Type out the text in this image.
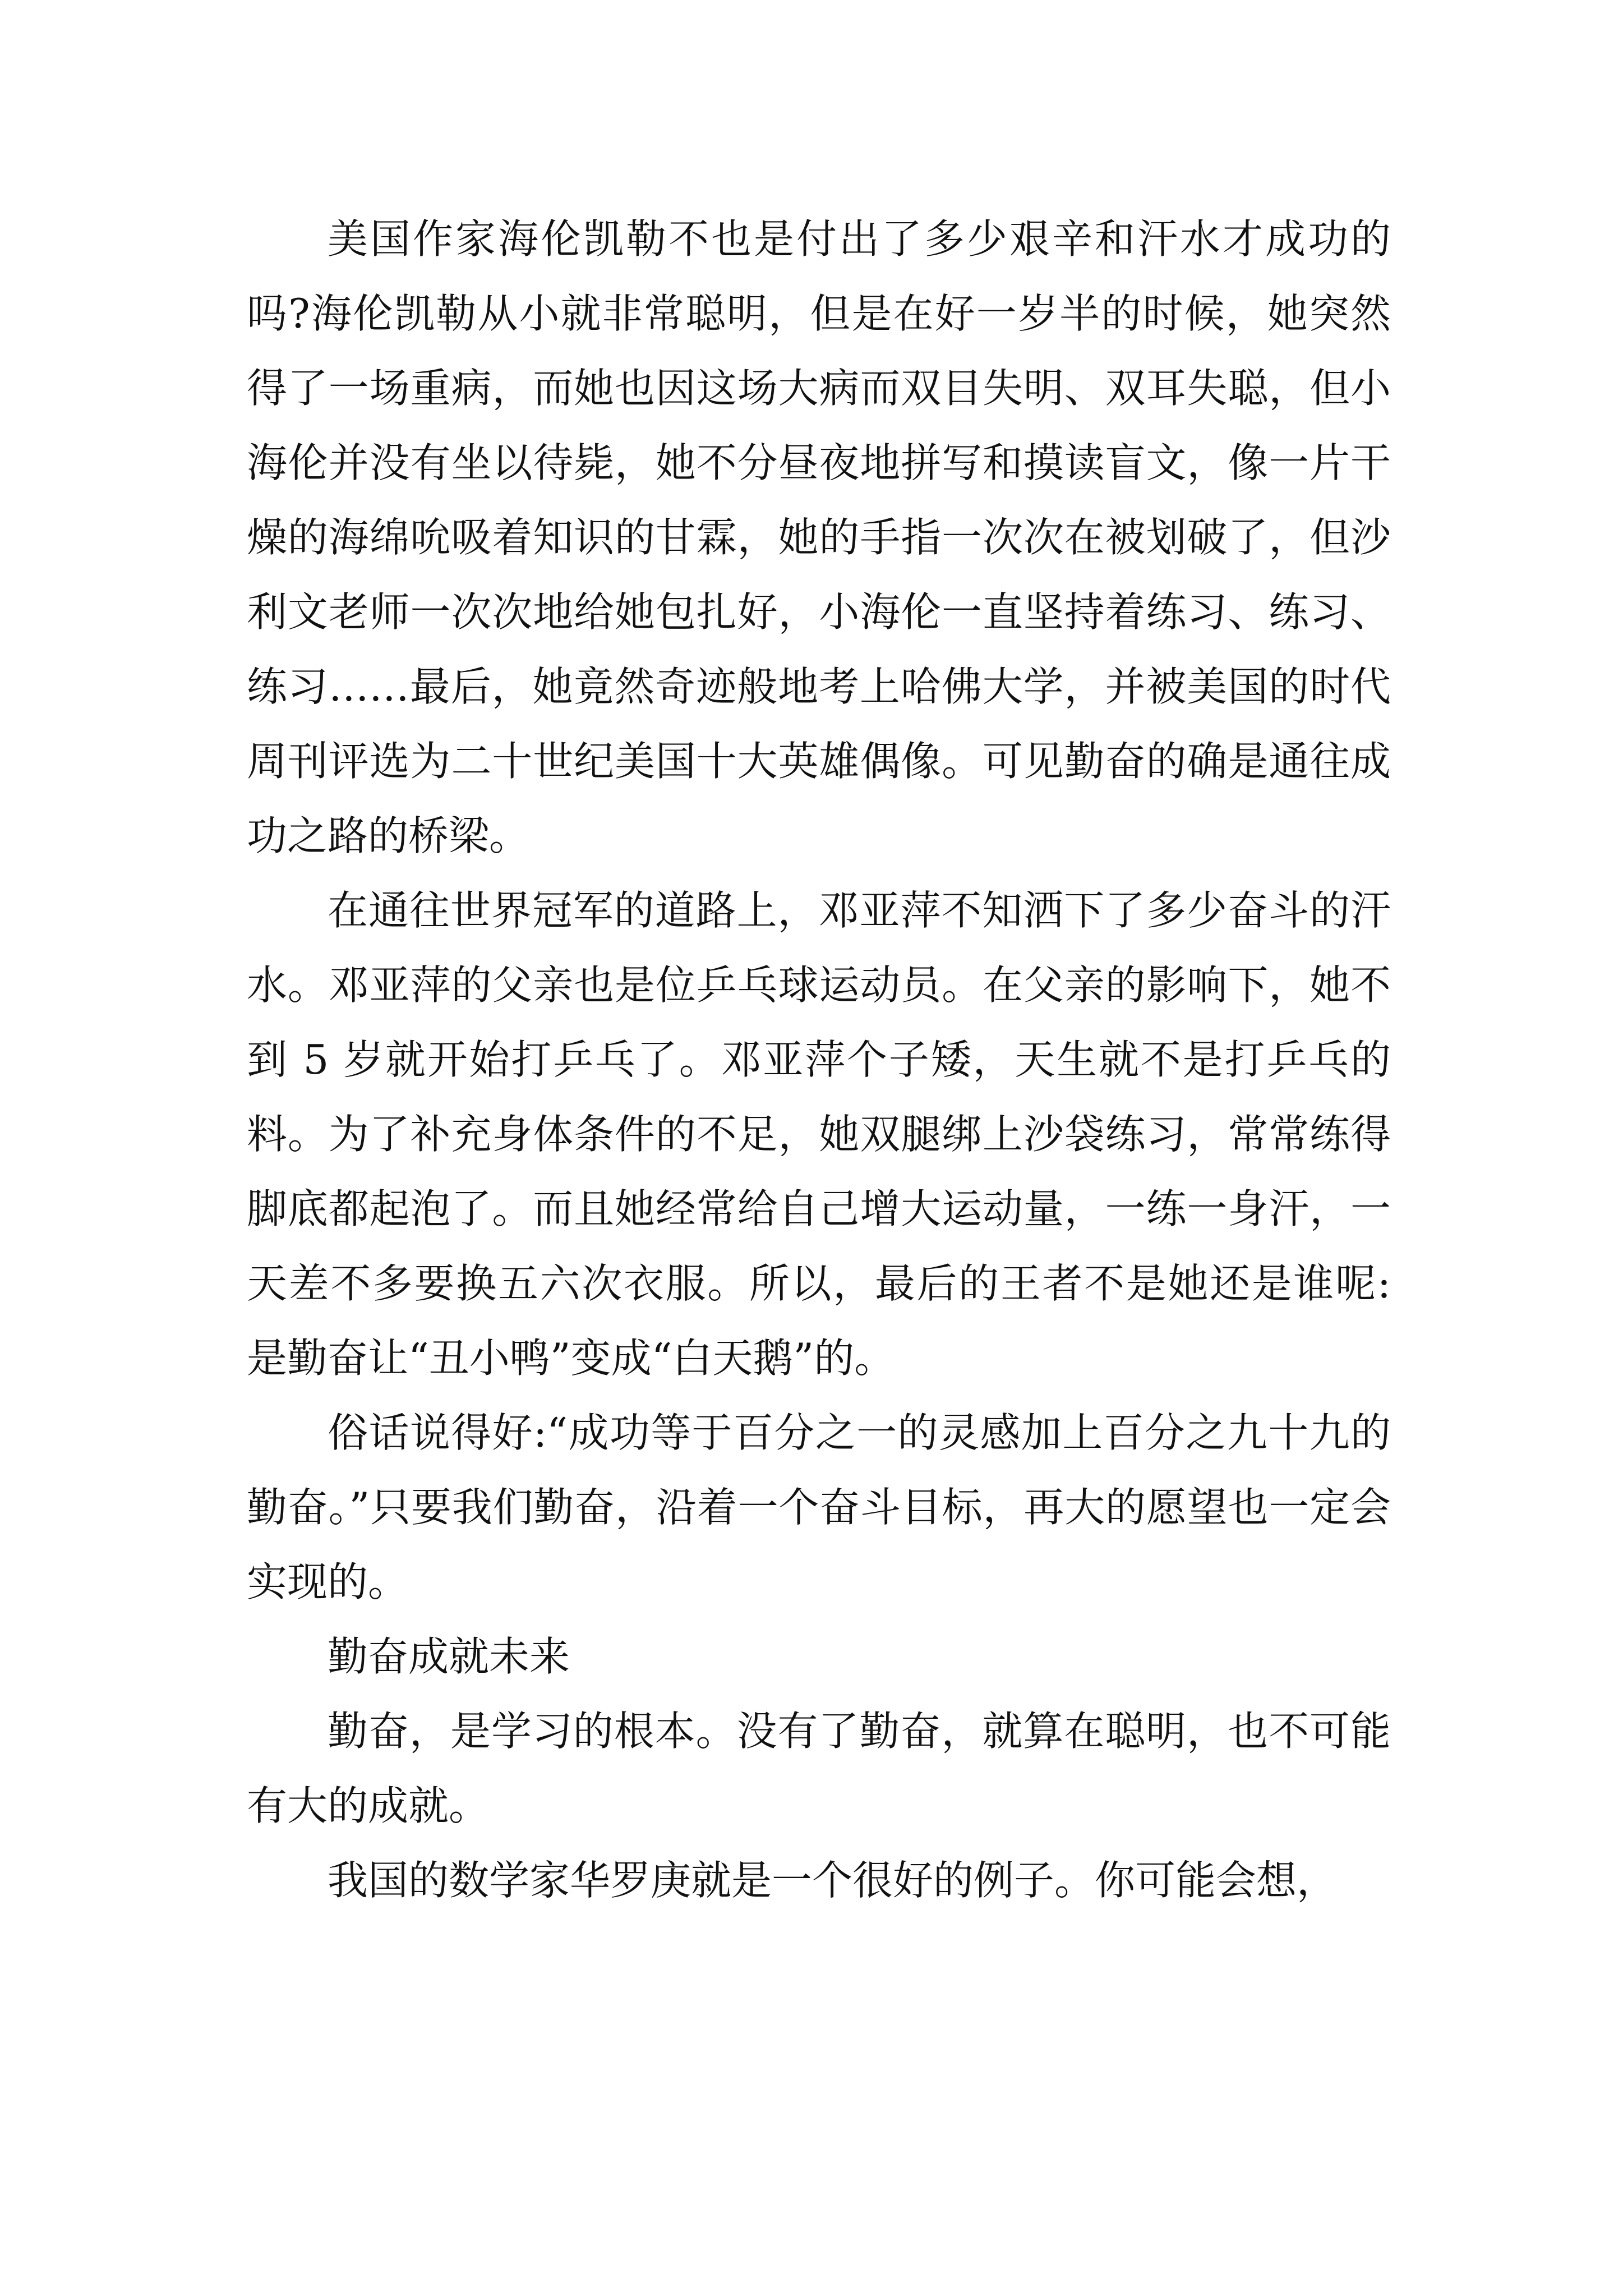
美国作家海伦凯勒不也是付出了多少艰辛和汗水才成功的吗?海伦凯勒从小就非常聪明，但是在好一岁半的时候，她突然得了一场重病，而她也因这场大病而双目失明、双耳失聪，但小海伦并没有坐以待毙，她不分昼夜地拼写和摸读盲文，像一片干燥的海绵吮吸着知识的甘霖，她的手指一次次在被划破了，但沙利文老师一次次地给她包扎好，小海伦一直坚持着练习、练习、练习……最后，她竟然奇迹般地考上哈佛大学，并被美国的时代周刊评选为二十世纪美国十大英雄偶像。可见勤奋的确是通往成功之路的桥梁。

在通往世界冠军的道路上，邓亚萍不知洒下了多少奋斗的汗水。邓亚萍的父亲也是位乒乓球运动员。在父亲的影响下，她不到 5 岁就开始打乒乓了。邓亚萍个子矮，天生就不是打乒乓的料。为了补充身体条件的不足，她双腿绑上沙袋练习，常常练得脚底都起泡了。而且她经常给自己增大运动量，一练一身汗，一天差不多要换五六次衣服。所以，最后的王者不是她还是谁呢:是勤奋让“丑小鸭”变成“白天鹅”的。

俗话说得好:“成功等于百分之一的灵感加上百分之九十九的勤奋。”只要我们勤奋，沿着一个奋斗目标，再大的愿望也一定会实现的。

勤奋成就未来

勤奋，是学习的根本。没有了勤奋，就算在聪明，也不可能有大的成就。

我国的数学家华罗庚就是一个很好的例子。你可能会想，
